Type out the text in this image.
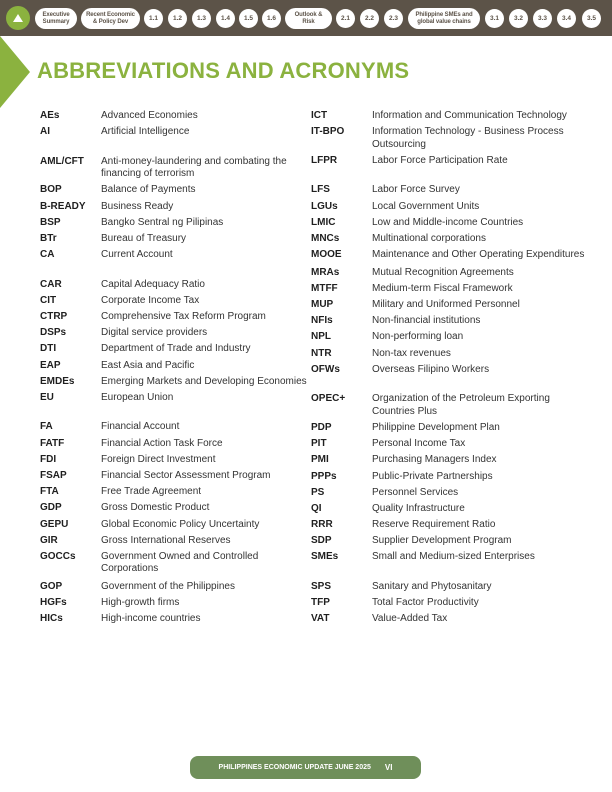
Executive Summary
Recent Economic & Policy Dev	1.1	1.2	1.3	1.4	1.5	1.6	Outlook & Risk	2.1	2.2	2.3	Philippine SMEs and global value chains	3.1	3.2	3.3	3.4	3.5
ABBREVIATIONS AND ACRONYMS
AEs	Advanced Economies
AI	Artificial Intelligence
AML/CFT	Anti-money-laundering and combating the financing of terrorism
BOP	Balance of Payments
B-READY	Business Ready
BSP	Bangko Sentral ng Pilipinas
BTr	Bureau of Treasury
CA	Current Account
CAR	Capital Adequacy Ratio
CIT	Corporate Income Tax
CTRP	Comprehensive Tax Reform Program
DSPs	Digital service providers
DTI	Department of Trade and Industry
EAP	East Asia and Pacific
EMDEs	Emerging Markets and Developing Economies
EU	European Union
FA	Financial Account
FATF	Financial Action Task Force
FDI	Foreign Direct Investment
FSAP	Financial Sector Assessment Program
FTA	Free Trade Agreement
GDP	Gross Domestic Product
GEPU	Global Economic Policy Uncertainty
GIR	Gross International Reserves
GOCCs	Government Owned and Controlled Corporations
GOP	Government of the Philippines
HGFs	High-growth firms
HICs	High-income countries
ICT	Information and Communication Technology
IT-BPO	Information Technology - Business Process Outsourcing
LFPR	Labor Force Participation Rate
LFS	Labor Force Survey
LGUs	Local Government Units
LMIC	Low and Middle-income Countries
MNCs	Multinational corporations
MOOE	Maintenance and Other Operating Expenditures
MRAs	Mutual Recognition Agreements
MTFF	Medium-term Fiscal Framework
MUP	Military and Uniformed Personnel
NFIs	Non-financial institutions
NPL	Non-performing loan
NTR	Non-tax revenues
OFWs	Overseas Filipino Workers
OPEC+	Organization of the Petroleum Exporting Countries Plus
PDP	Philippine Development Plan
PIT	Personal Income Tax
PMI	Purchasing Managers Index
PPPs	Public-Private Partnerships
PS	Personnel Services
QI	Quality Infrastructure
RRR	Reserve Requirement Ratio
SDP	Supplier Development Program
SMEs	Small and Medium-sized Enterprises
SPS	Sanitary and Phytosanitary
TFP	Total Factor Productivity
VAT	Value-Added Tax
PHILIPPINES ECONOMIC UPDATE JUNE 2025 VI
